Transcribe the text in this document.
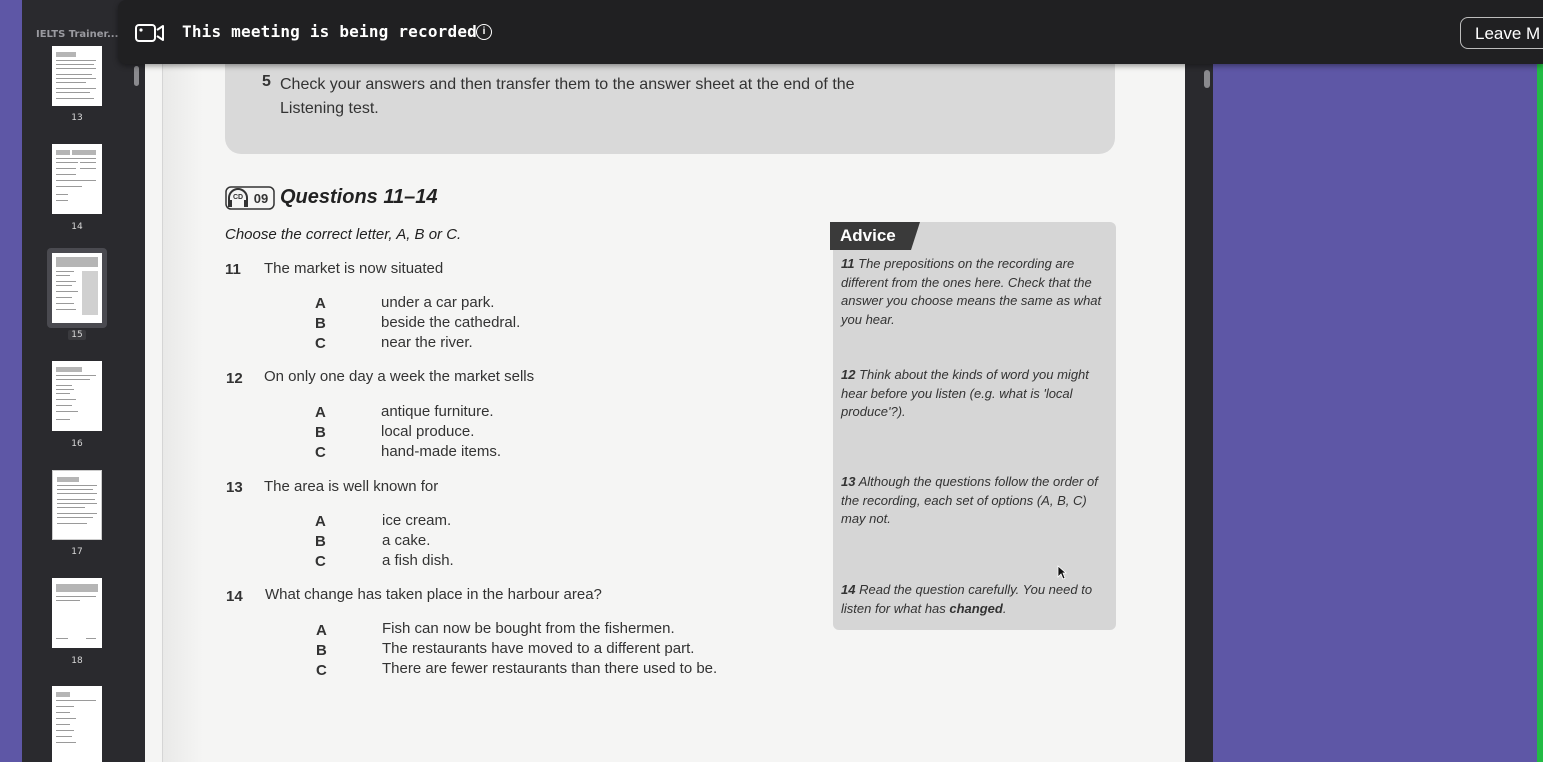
IELTS Trainer...
13
14
15
16
17
18
5 Check your answers and then transfer them to the answer sheet at the end of the Listening test.
CD 09 Questions 11–14
Choose the correct letter, A, B or C.
11 The market is now situated
A	under a car park.
B	beside the cathedral.
C	near the river.
12 On only one day a week the market sells
A	antique furniture.
B	local produce.
C	hand-made items.
13 The area is well known for
A	ice cream.
B	a cake.
C	a fish dish.
14 What change has taken place in the harbour area?
A	Fish can now be bought from the fishermen.
B	The restaurants have moved to a different part.
C	There are fewer restaurants than there used to be.
Advice
11 The prepositions on the recording are different from the ones here. Check that the answer you choose means the same as what you hear.
12 Think about the kinds of word you might hear before you listen (e.g. what is 'local produce'?).
13 Although the questions follow the order of the recording, each set of options (A, B, C) may not.
14 Read the question carefully. You need to listen for what has changed.
This meeting is being recorded i	Leave M
